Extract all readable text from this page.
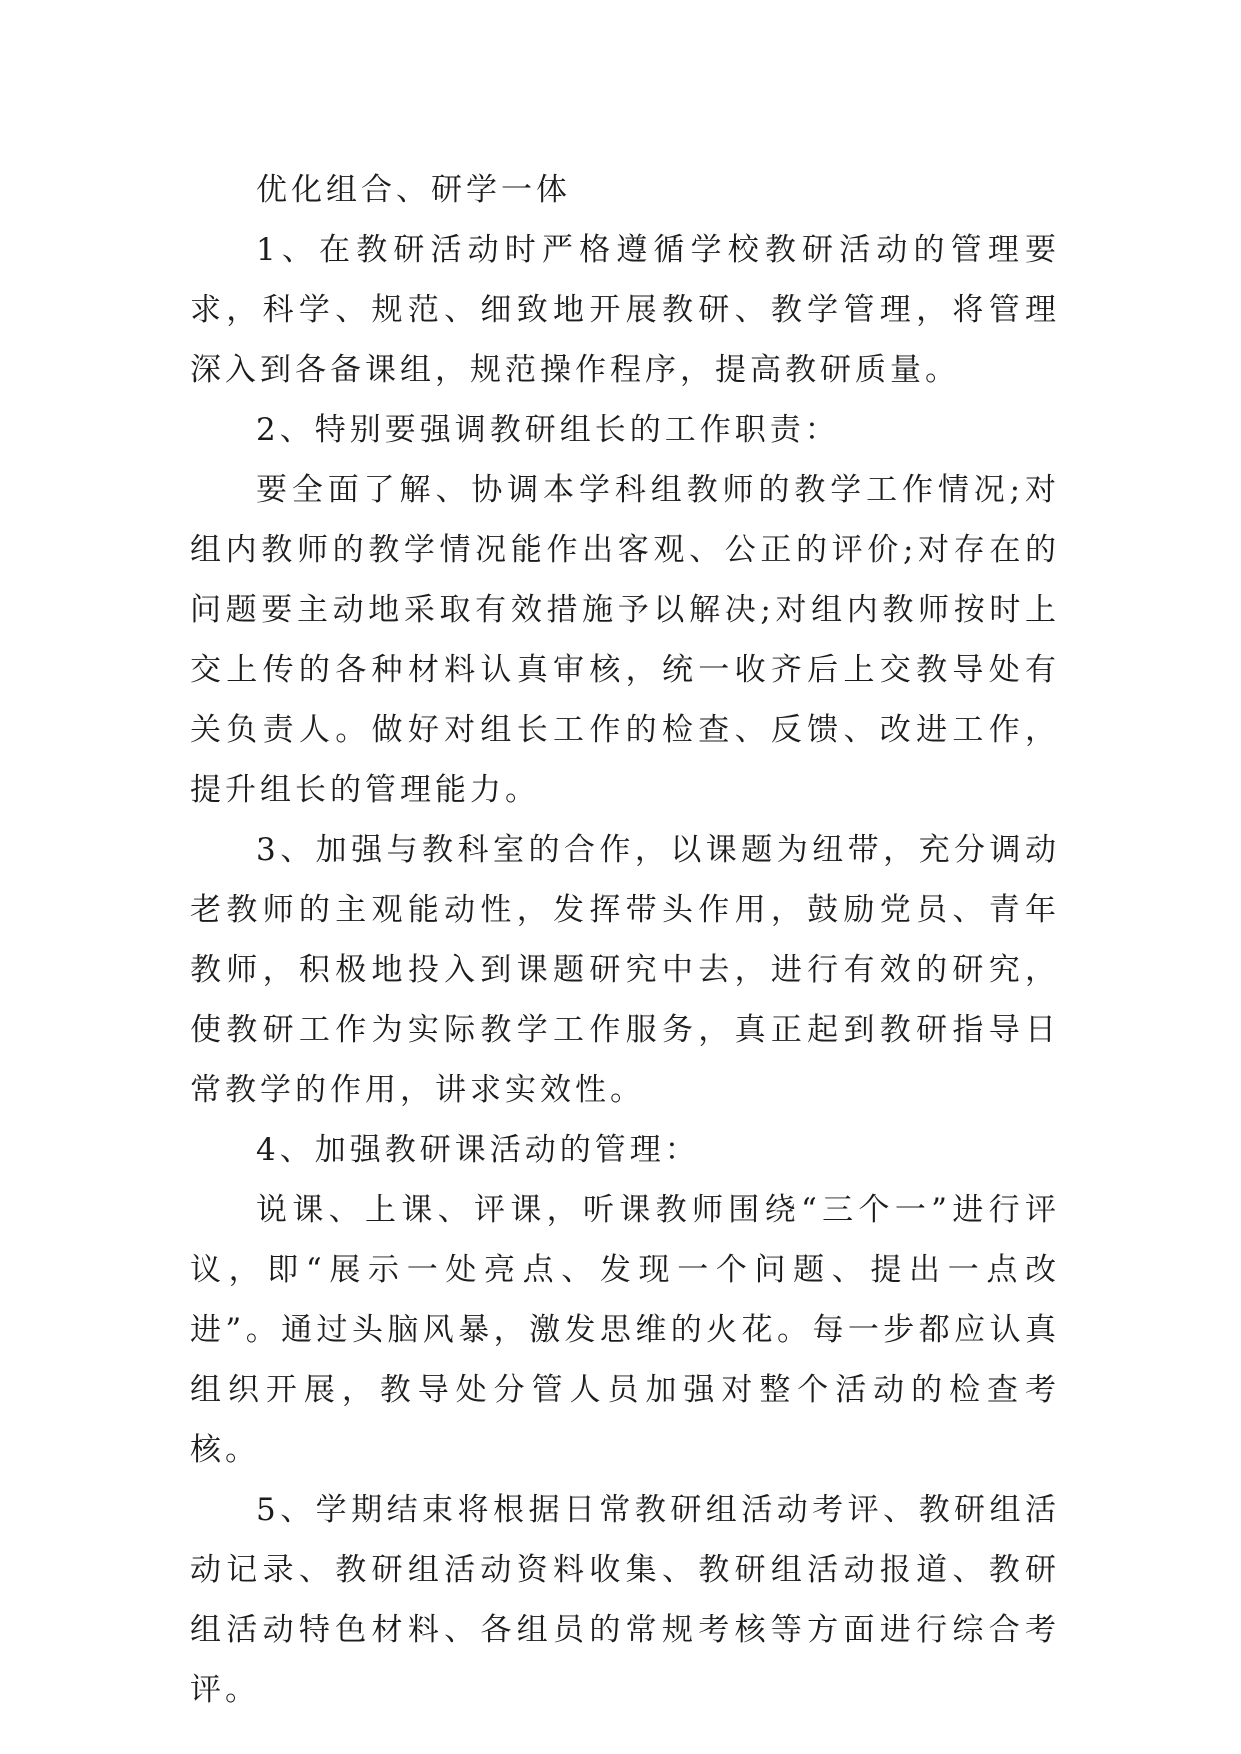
优化组合、研学一体

1、在教研活动时严格遵循学校教研活动的管理要求，科学、规范、细致地开展教研、教学管理，将管理深入到各备课组，规范操作程序，提高教研质量。

2、特别要强调教研组长的工作职责：

要全面了解、协调本学科组教师的教学工作情况;对组内教师的教学情况能作出客观、公正的评价;对存在的问题要主动地采取有效措施予以解决;对组内教师按时上交上传的各种材料认真审核，统一收齐后上交教导处有关负责人。做好对组长工作的检查、反馈、改进工作，提升组长的管理能力。

3、加强与教科室的合作，以课题为纽带，充分调动老教师的主观能动性，发挥带头作用，鼓励党员、青年教师，积极地投入到课题研究中去，进行有效的研究，使教研工作为实际教学工作服务，真正起到教研指导日常教学的作用，讲求实效性。

4、加强教研课活动的管理：

说课、上课、评课，听课教师围绕“三个一”进行评议，即“展示一处亮点、发现一个问题、提出一点改进”。通过头脑风暴，激发思维的火花。每一步都应认真组织开展，教导处分管人员加强对整个活动的检查考核。

5、学期结束将根据日常教研组活动考评、教研组活动记录、教研组活动资料收集、教研组活动报道、教研组活动特色材料、各组员的常规考核等方面进行综合考评。
